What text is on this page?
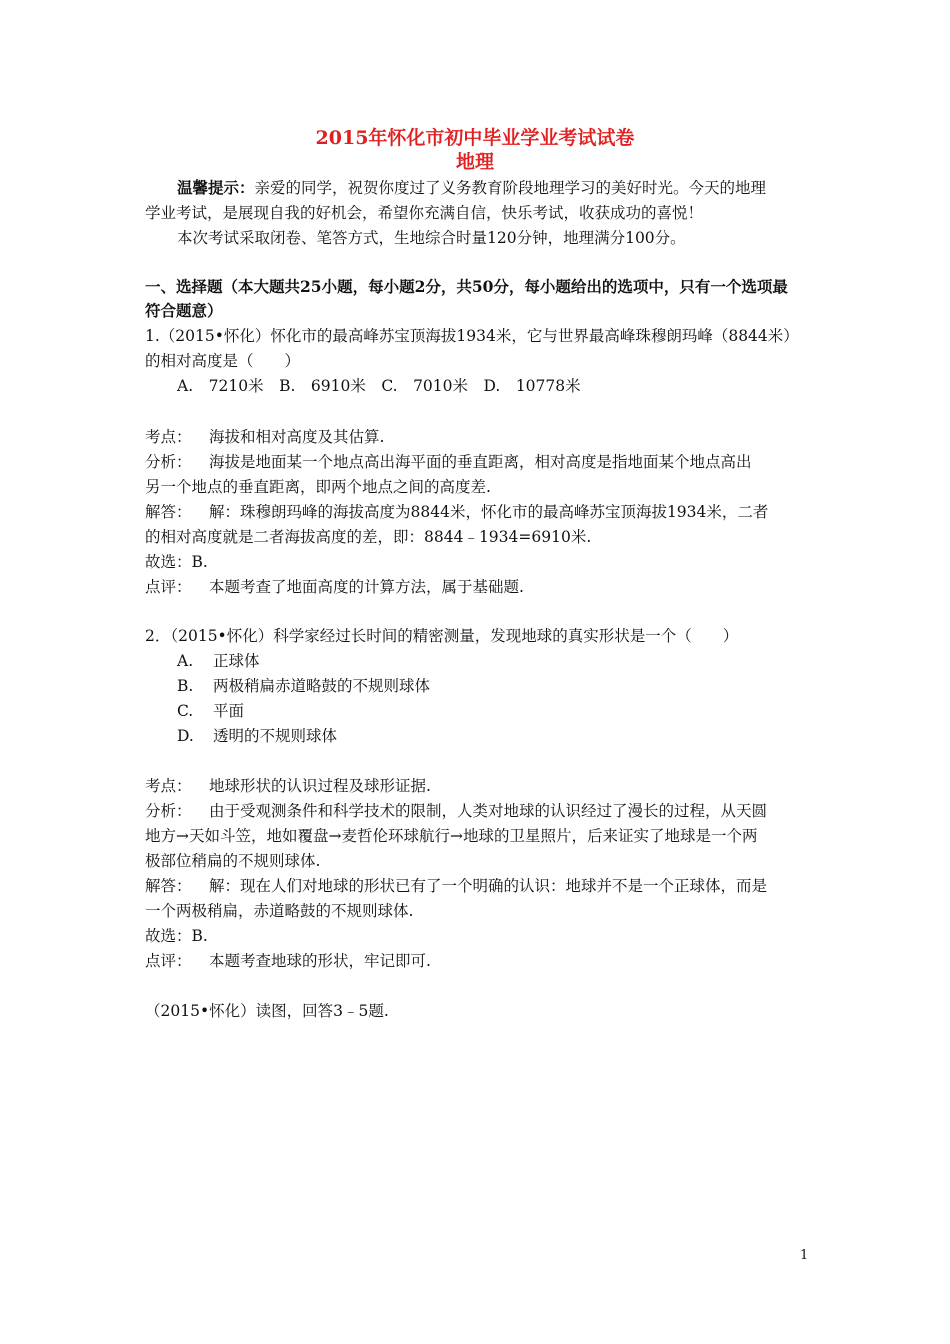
2015年怀化市初中毕业学业考试试卷
地理
温馨提示：亲爱的同学，祝贺你度过了义务教育阶段地理学习的美好时光。今天的地理
学业考试，是展现自我的好机会，希望你充满自信，快乐考试，收获成功的喜悦！
本次考试采取闭卷、笔答方式，生地综合时量120分钟，地理满分100分。
一、选择题（本大题共25小题，每小题2分，共50分，每小题给出的选项中，只有一个选项最
符合题意）
1.（2015•怀化）怀化市的最高峰苏宝顶海拔1934米，它与世界最高峰珠穆朗玛峰（8844米）
的相对高度是（　　）
A.　7210米　B.　6910米　C.　7010米　D.　10778米
考点： 海拔和相对高度及其估算.
分析： 海拔是地面某一个地点高出海平面的垂直距离，相对高度是指地面某个地点高出
另一个地点的垂直距离，即两个地点之间的高度差.
解答： 解：珠穆朗玛峰的海拔高度为8844米，怀化市的最高峰苏宝顶海拔1934米，二者
的相对高度就是二者海拔高度的差，即：8844﹣1934=6910米.
故选：B.
点评： 本题考查了地面高度的计算方法，属于基础题.
2．（2015•怀化）科学家经过长时间的精密测量，发现地球的真实形状是一个（　　）
A. 正球体
B. 两极稍扁赤道略鼓的不规则球体
C. 平面
D. 透明的不规则球体
考点： 地球形状的认识过程及球形证据.
分析： 由于受观测条件和科学技术的限制，人类对地球的认识经过了漫长的过程，从天圆
地方→天如斗笠，地如覆盘→麦哲伦环球航行→地球的卫星照片，后来证实了地球是一个两
极部位稍扁的不规则球体.
解答： 解：现在人们对地球的形状已有了一个明确的认识：地球并不是一个正球体，而是
一个两极稍扁，赤道略鼓的不规则球体.
故选：B.
点评： 本题考查地球的形状，牢记即可.
（2015•怀化）读图，回答3﹣5题.
1
